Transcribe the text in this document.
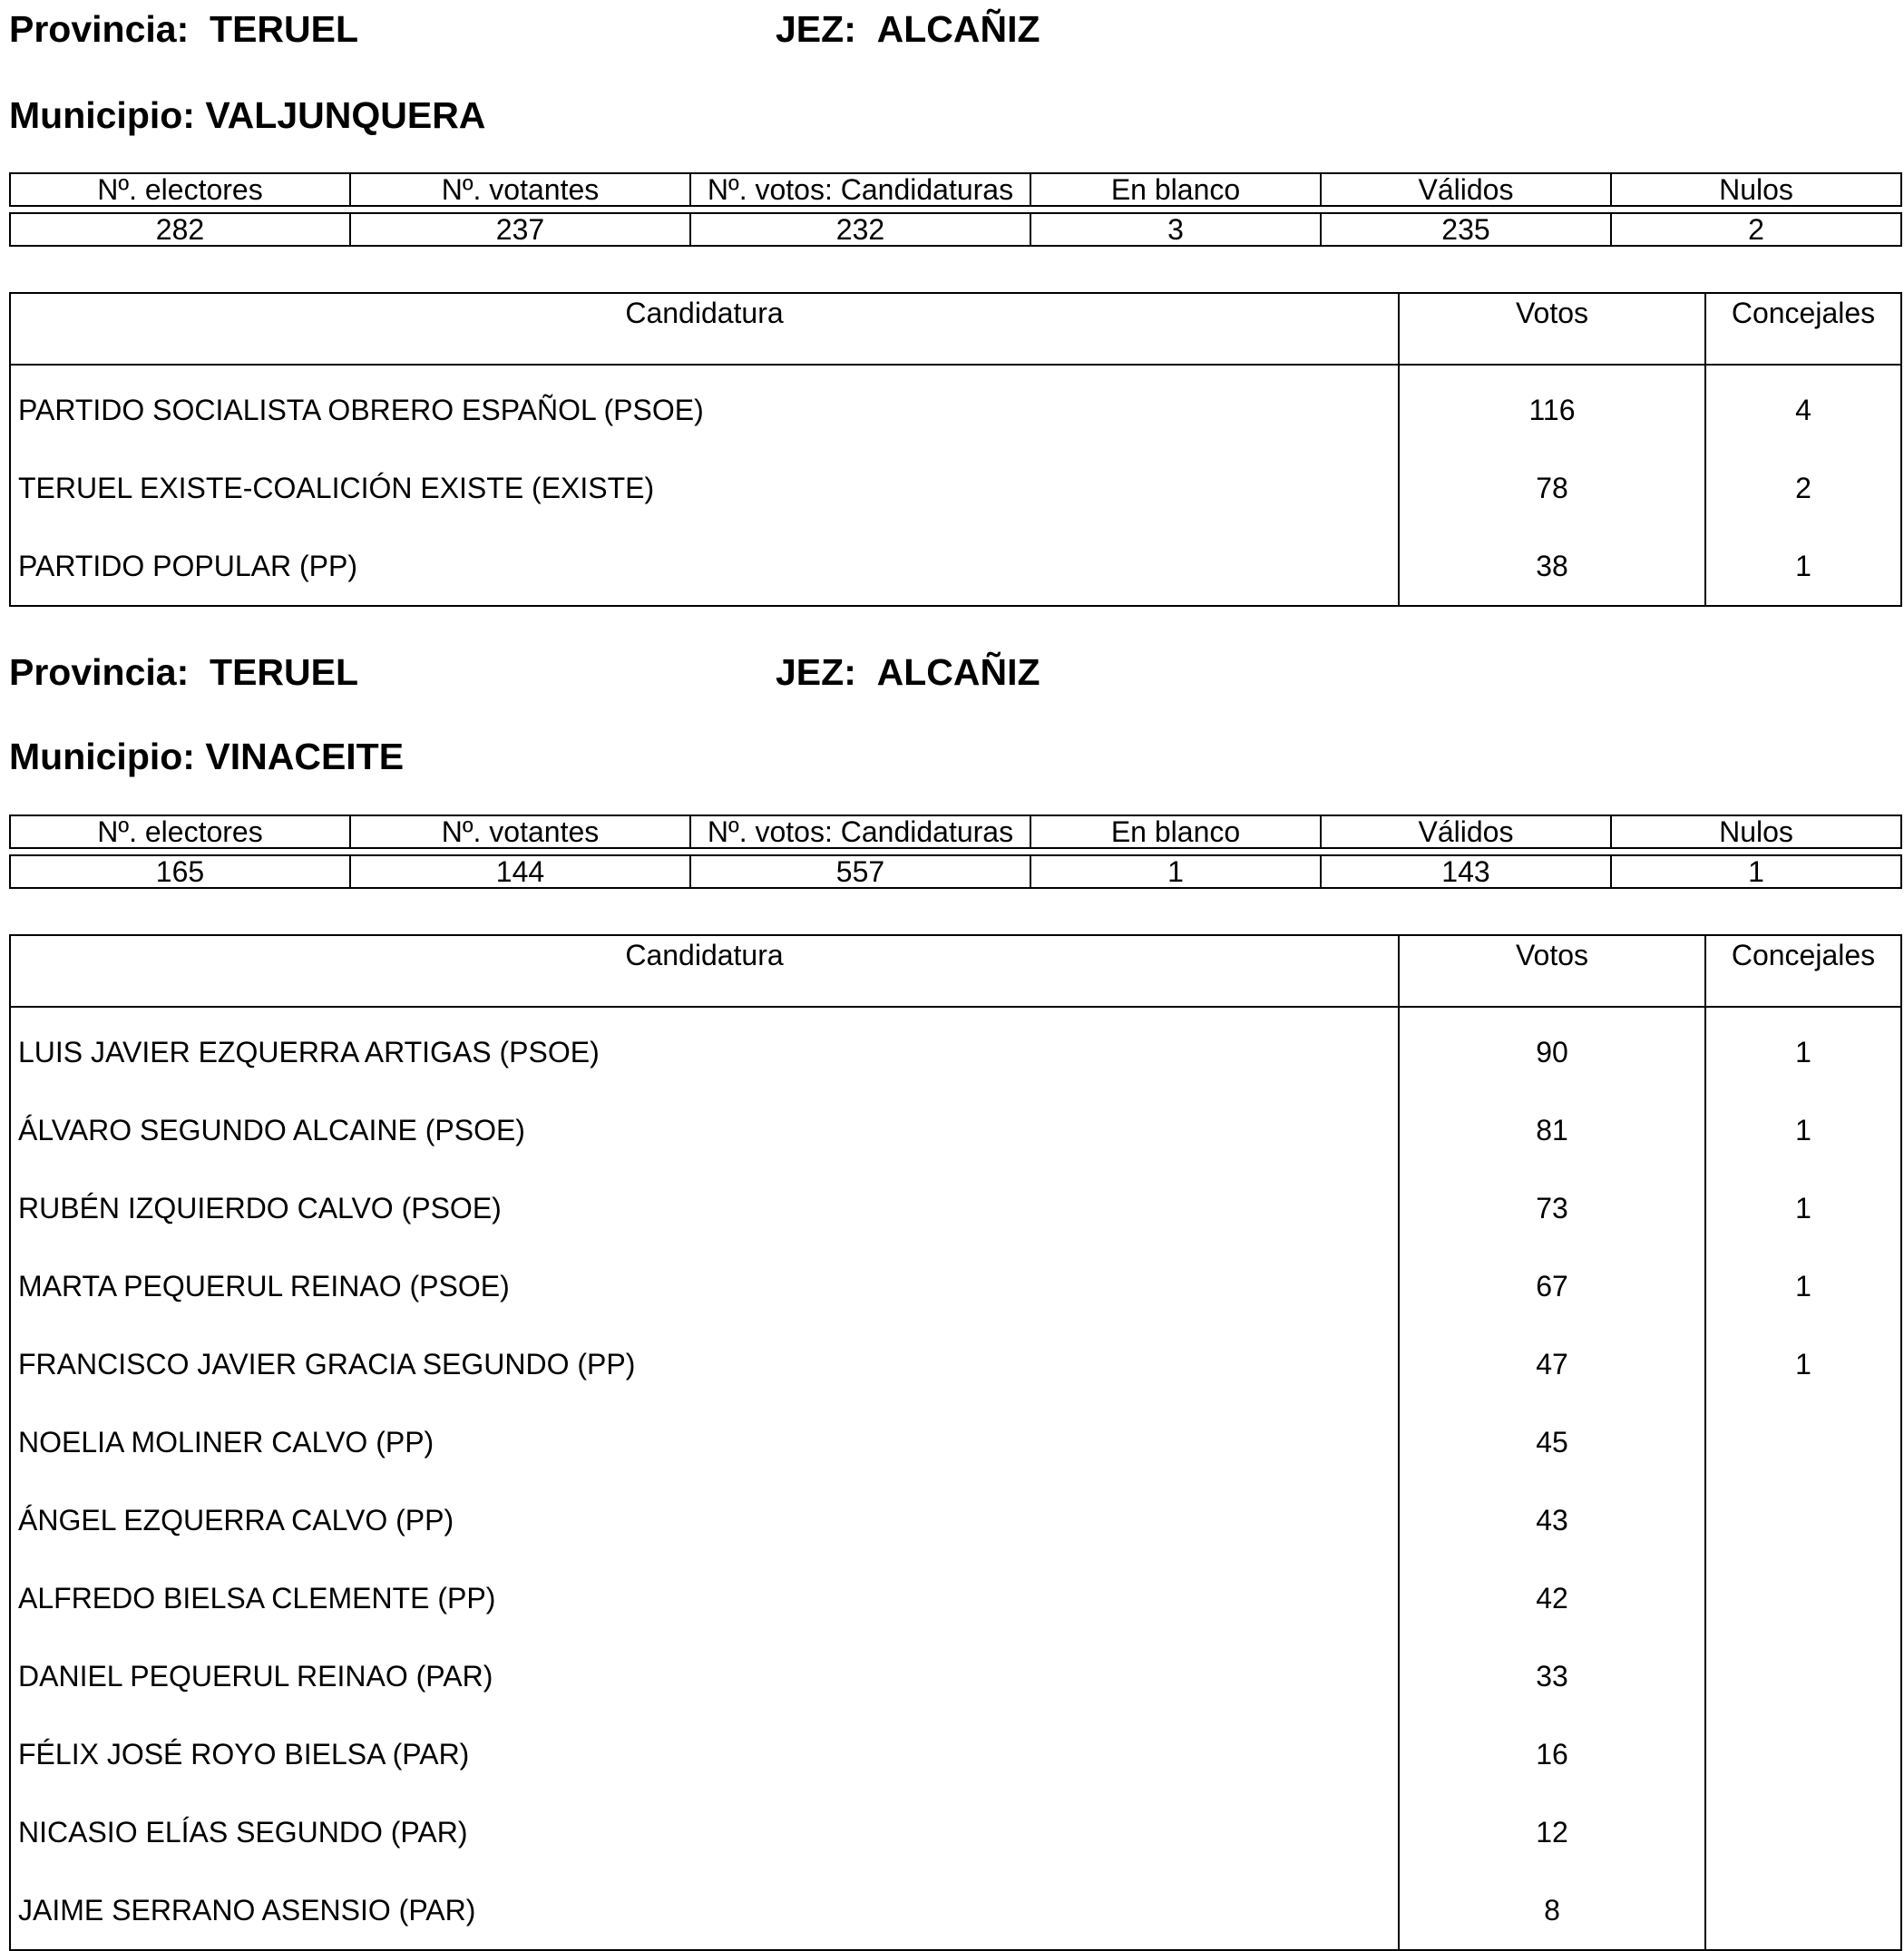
Provincia: TERUEL	JEZ: ALCAÑIZ
Municipio: VALJUNQUERA
Nº. electores	Nº. votantes	Nº. votos: Candidaturas	En blanco	Válidos	Nulos
282	237	232	3	235	2
Candidatura	Votos	Concejales
PARTIDO SOCIALISTA OBRERO ESPAÑOL (PSOE)	116	4
TERUEL EXISTE-COALICIÓN EXISTE (EXISTE)	78	2
PARTIDO POPULAR (PP)	38	1
Provincia: TERUEL	JEZ: ALCAÑIZ
Municipio: VINACEITE
Nº. electores	Nº. votantes	Nº. votos: Candidaturas	En blanco	Válidos	Nulos
165	144	557	1	143	1
Candidatura	Votos	Concejales
LUIS JAVIER EZQUERRA ARTIGAS (PSOE)	90	1
ÁLVARO SEGUNDO ALCAINE (PSOE)	81	1
RUBÉN IZQUIERDO CALVO (PSOE)	73	1
MARTA PEQUERUL REINAO (PSOE)	67	1
FRANCISCO JAVIER GRACIA SEGUNDO (PP)	47	1
NOELIA MOLINER CALVO (PP)	45	
ÁNGEL EZQUERRA CALVO (PP)	43	
ALFREDO BIELSA CLEMENTE (PP)	42	
DANIEL PEQUERUL REINAO (PAR)	33	
FÉLIX JOSÉ ROYO BIELSA (PAR)	16	
NICASIO ELÍAS SEGUNDO (PAR)	12	
JAIME SERRANO ASENSIO (PAR)	8	
